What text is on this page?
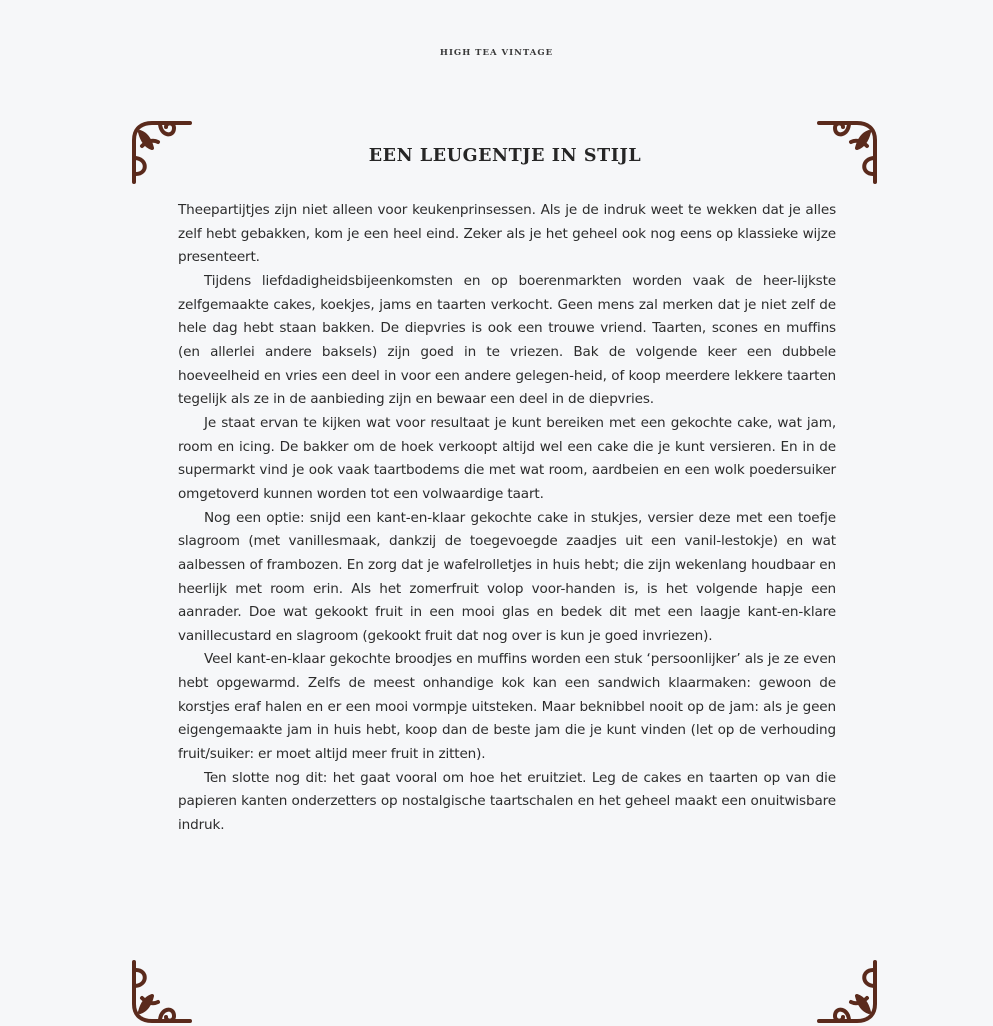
HIGH TEA VINTAGE
EEN LEUGENTJE IN STIJL

Theepartijtjes zijn niet alleen voor keukenprinsessen. Als je de indruk weet te wekken dat je alles zelf hebt gebakken, kom je een heel eind. Zeker als je het geheel ook nog eens op klassieke wijze presenteert.

Tijdens liefdadigheidsbijeenkomsten en op boerenmarkten worden vaak de heer-lijkste zelfgemaakte cakes, koekjes, jams en taarten verkocht. Geen mens zal merken dat je niet zelf de hele dag hebt staan bakken. De diepvries is ook een trouwe vriend. Taarten, scones en muffins (en allerlei andere baksels) zijn goed in te vriezen. Bak de volgende keer een dubbele hoeveelheid en vries een deel in voor een andere gelegen-heid, of koop meerdere lekkere taarten tegelijk als ze in de aanbieding zijn en bewaar een deel in de diepvries.

Je staat ervan te kijken wat voor resultaat je kunt bereiken met een gekochte cake, wat jam, room en icing. De bakker om de hoek verkoopt altijd wel een cake die je kunt versieren. En in de supermarkt vind je ook vaak taartbodems die met wat room, aardbeien en een wolk poedersuiker omgetoverd kunnen worden tot een volwaardige taart.

Nog een optie: snijd een kant-en-klaar gekochte cake in stukjes, versier deze met een toefje slagroom (met vanillesmaak, dankzij de toegevoegde zaadjes uit een vanil-lestokje) en wat aalbessen of frambozen. En zorg dat je wafelrolletjes in huis hebt; die zijn wekenlang houdbaar en heerlijk met room erin. Als het zomerfruit volop voor-handen is, is het volgende hapje een aanrader. Doe wat gekookt fruit in een mooi glas en bedek dit met een laagje kant-en-klare vanillecustard en slagroom (gekookt fruit dat nog over is kun je goed invriezen).

Veel kant-en-klaar gekochte broodjes en muffins worden een stuk ‘persoonlijker’ als je ze even hebt opgewarmd. Zelfs de meest onhandige kok kan een sandwich klaarmaken: gewoon de korstjes eraf halen en er een mooi vormpje uitsteken. Maar beknibbel nooit op de jam: als je geen eigengemaakte jam in huis hebt, koop dan de beste jam die je kunt vinden (let op de verhouding fruit/suiker: er moet altijd meer fruit in zitten).

Ten slotte nog dit: het gaat vooral om hoe het eruitziet. Leg de cakes en taarten op van die papieren kanten onderzetters op nostalgische taartschalen en het geheel maakt een onuitwisbare indruk.
